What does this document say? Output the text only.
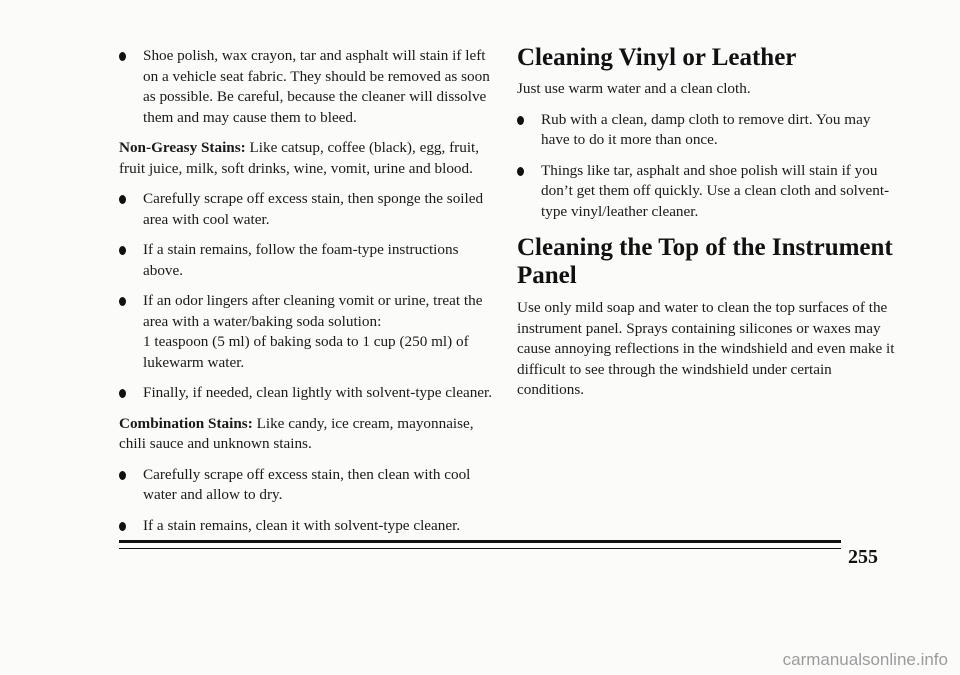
Shoe polish, wax crayon, tar and asphalt will stain if left on a vehicle seat fabric. They should be removed as soon as possible. Be careful, because the cleaner will dissolve them and may cause them to bleed.

Non-Greasy Stains: Like catsup, coffee (black), egg, fruit, fruit juice, milk, soft drinks, wine, vomit, urine and blood.

Carefully scrape off excess stain, then sponge the soiled area with cool water.

If a stain remains, follow the foam-type instructions above.

If an odor lingers after cleaning vomit or urine, treat the area with a water/baking soda solution:

1 teaspoon (5 ml) of baking soda to 1 cup (250 ml) of lukewarm water.

Finally, if needed, clean lightly with solvent-type cleaner.

Combination Stains: Like candy, ice cream, mayonnaise, chili sauce and unknown stains.

Carefully scrape off excess stain, then clean with cool water and allow to dry.

If a stain remains, clean it with solvent-type cleaner.

Cleaning Vinyl or Leather

Just use warm water and a clean cloth.

Rub with a clean, damp cloth to remove dirt. You may have to do it more than once.

Things like tar, asphalt and shoe polish will stain if you don’t get them off quickly. Use a clean cloth and solvent-type vinyl/leather cleaner.

Cleaning the Top of the Instrument Panel

Use only mild soap and water to clean the top surfaces of the instrument panel. Sprays containing silicones or waxes may cause annoying reflections in the windshield and even make it difficult to see through the windshield under certain conditions.

255
carmanualsonline.info
